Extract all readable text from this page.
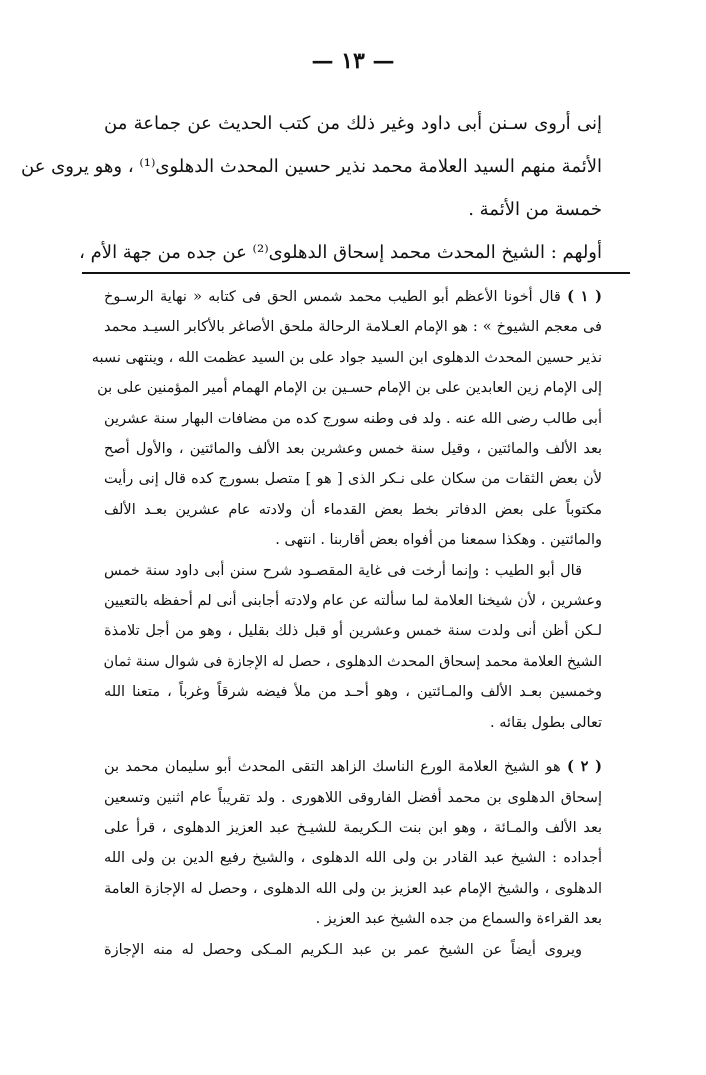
— ١٣ —
إنى أروى سـنن أبى داود وغير ذلك من كتب الحديث عن جماعة من
الأئمة منهم السيد العلامة محمد نذير حسين المحدث الدهلوى⁽¹⁾ ، وهو يروى عن
خمسة من الأئمة .
أولهم : الشيخ المحدث محمد إسحاق الدهلوى⁽²⁾ عن جده من جهة الأم ،
( ١ ) قال أخونا الأعظم أبو الطيب محمد شمس الحق فى كتابه « نهاية الرسـوخ
فى معجم الشيوخ » : هو الإمام العـلامة الرحالة ملحق الأصاغر بالأكابر السيـد محمد
نذير حسين المحدث الدهلوى ابن السيد جواد على بن السيد عظمت الله ، وينتهى نسبه
إلى الإمام زين العابدين على بن الإمام حسـين بن الإمام الهمام أمير المؤمنين على بن
أبى طالب رضى الله عنه . ولد فى وطنه سورج كده من مضافات البهار سنة عشرين
بعد الألف والمائتين ، وقيل سنة خمس وعشرين بعد الألف والمائتين ، والأول أصح
لأن بعض الثقات من سكان على نـكر الذى [ هو ] متصل بسورج كده قال إنى رأيت
مكتوباً على بعض الدفاتر بخط بعض القدماء أن ولادته عام عشرين بعـد الألف
والمائتين . وهكذا سمعنا من أفواه بعض أقاربنا . انتهى .
قال أبو الطيب : وإنما أرخت فى غاية المقصـود شرح سنن أبى داود سنة خمس
وعشرين ، لأن شيخنا العلامة لما سألته عن عام ولادته أجابنى أنى لم أحفظه بالتعيين
لـكن أظن أنى ولدت سنة خمس وعشرين أو قبل ذلك بقليل ، وهو من أجل تلامذة
الشيخ العلامة محمد إسحاق المحدث الدهلوى ، حصل له الإجازة فى شوال سنة ثمان
وخمسين بعـد الألف والمـائتين ، وهو أحـد من ملأ فيضه شرقاً وغرباً ، متعنا الله
تعالى بطول بقائه .
( ٢ ) هو الشيخ العلامة الورع الناسك الزاهد التقى المحدث أبو سليمان محمد بن
إسحاق الدهلوى بن محمد أفضل الفاروقى اللاهورى . ولد تقريباً عام اثنين وتسعين
بعد الألف والمـائة ، وهو ابن بنت الـكريمة للشيـخ عبد العزيز الدهلوى ، قرأ على
أجداده : الشيخ عبد القادر بن ولى الله الدهلوى ، والشيخ رفيع الدين بن ولى الله
الدهلوى ، والشيخ الإمام عبد العزيز بن ولى الله الدهلوى ، وحصل له الإجازة العامة
بعد القراءة والسماع من جده الشيخ عبد العزيز .
ويروى أيضاً عن الشيخ عمر بن عبد الـكريم المـكى وحصل له منه الإجازة
